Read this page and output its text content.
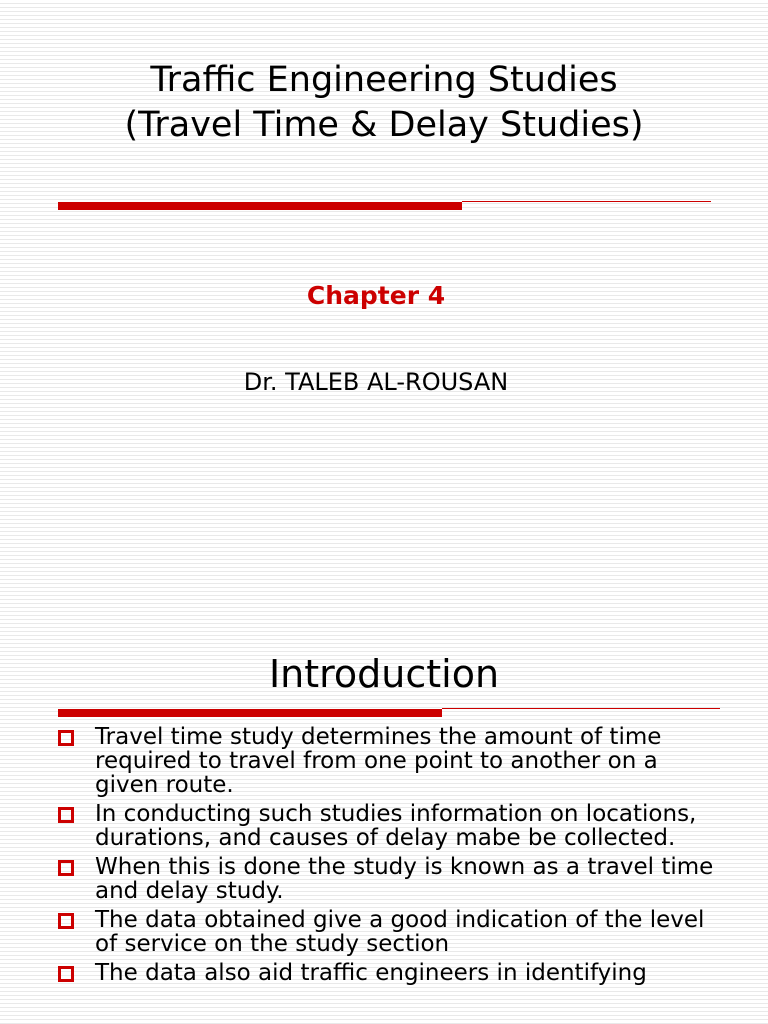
Traffic Engineering Studies
(Travel Time & Delay Studies)

Chapter 4

Dr. TALEB AL-ROUSAN

Introduction
Travel time study determines the amount of time required to travel from one point to another on a given route.
In conducting such studies information on locations, durations, and causes of delay mabe be collected.
When this is done the study is known as a travel time and delay study.
The data obtained give a good indication of the level of service on the study section
The data also aid traffic engineers in identifying
